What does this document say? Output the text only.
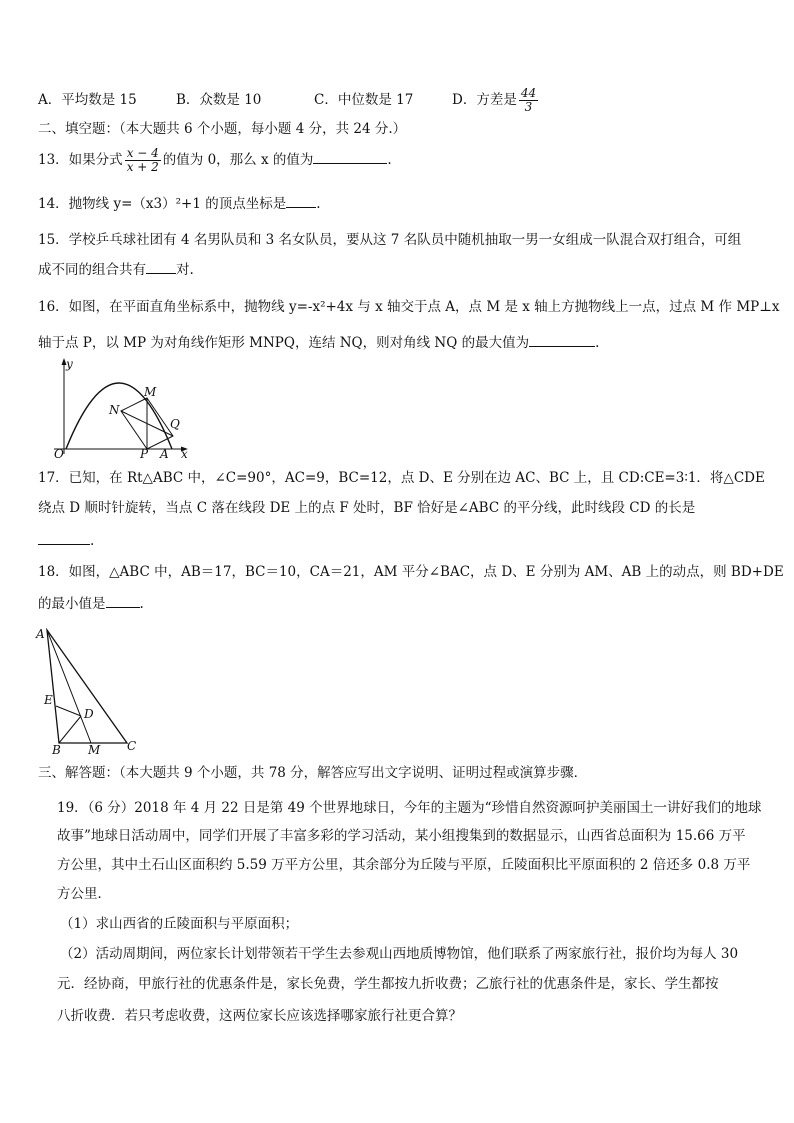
A．平均数是 15	B．众数是 10	C．中位数是 17	D．方差是 $\frac{44}{3}$
二、填空题：（本大题共 6 个小题，每小题 4 分，共 24 分.）
13．如果分式 $\frac{x - 4}{x + 2}$ 的值为 0，那么 x 的值为	.
14．抛物线 y=（x3）²+1 的顶点坐标是 .
15．学校乒乓球社团有 4 名男队员和 3 名女队员，要从这 7 名队员中随机抽取一男一女组成一队混合双打组合，可组
成不同的组合共有 对.
16．如图，在平面直角坐标系中，抛物线 y=-x²+4x 与 x 轴交于点 A，点 M 是 x 轴上方抛物线上一点，过点 M 作 MP⊥x
轴于点 P，以 MP 为对角线作矩形 MNPQ，连结 NQ，则对角线 NQ 的最大值为	.
y
x
O
M
N
Q
P A
17．已知，在 Rt△ABC 中，∠C=90°，AC=9，BC=12，点 D、E 分别在边 AC、BC 上，且 CD:CE=3∶1．将△CDE
绕点 D 顺时针旋转，当点 C 落在线段 DE 上的点 F 处时，BF 恰好是∠ABC 的平分线，此时线段 CD 的长是
.
18．如图，△ABC 中，AB＝17，BC＝10，CA＝21，AM 平分∠BAC，点 D、E 分别为 AM、AB 上的动点，则 BD+DE
的最小值是	.
A
B	C
D
E
M
三、解答题：（本大题共 9 个小题，共 78 分，解答应写出文字说明、证明过程或演算步骤．
19．（6 分）2018 年 4 月 22 日是第 49 个世界地球日，今年的主题为“珍惜自然资源呵护美丽国土一讲好我们的地球
故事”地球日活动周中，同学们开展了丰富多彩的学习活动，某小组搜集到的数据显示，山西省总面积为 15.66 万平
方公里，其中土石山区面积约 5.59 万平方公里，其余部分为丘陵与平原，丘陵面积比平原面积的 2 倍还多 0.8 万平
方公里．
（1）求山西省的丘陵面积与平原面积；
（2）活动周期间，两位家长计划带领若干学生去参观山西地质博物馆，他们联系了两家旅行社，报价均为每人 30
元．经协商，甲旅行社的优惠条件是，家长免费，学生都按九折收费；乙旅行社的优惠条件是，家长、学生都按
八折收费．若只考虑收费，这两位家长应该选择哪家旅行社更合算？
